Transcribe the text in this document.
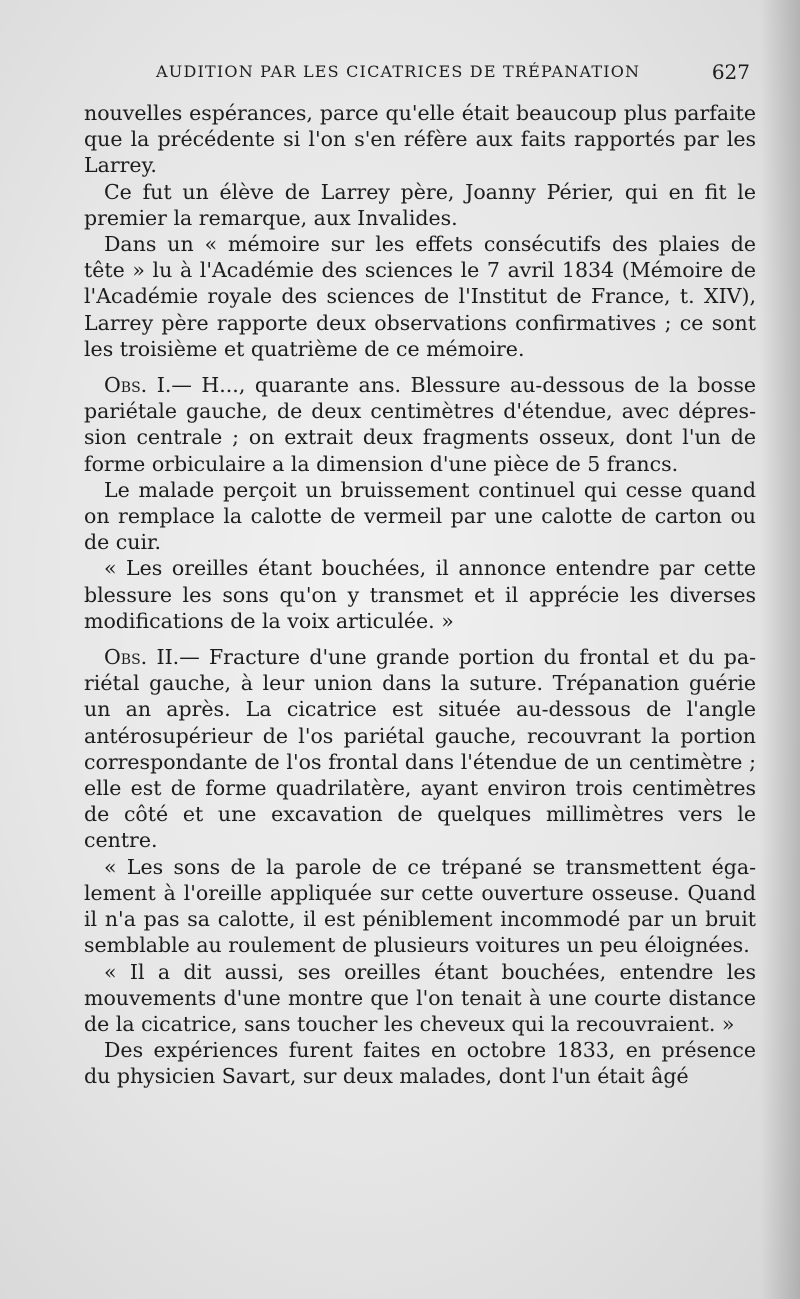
AUDITION PAR LES CICATRICES DE TRÉPANATION	627

nouvelles espérances, parce qu'elle était beaucoup plus parfaite que la précédente si l'on s'en réfère aux faits rapportés par les Larrey.

Ce fut un élève de Larrey père, Joanny Périer, qui en fit le premier la remarque, aux Invalides.

Dans un « mémoire sur les effets consécutifs des plaies de tête » lu à l'Académie des sciences le 7 avril 1834 (Mémoire de l'Académie royale des sciences de l'Institut de France, t. XIV), Larrey père rapporte deux observations confirmatives ; ce sont les troisième et quatrième de ce mémoire.

Obs. I.— H..., quarante ans. Blessure au-dessous de la bosse pariétale gauche, de deux centimètres d'étendue, avec dépression centrale ; on extrait deux fragments osseux, dont l'un de forme orbiculaire a la dimension d'une pièce de 5 francs.

Le malade perçoit un bruissement continuel qui cesse quand on remplace la calotte de vermeil par une calotte de carton ou de cuir.

« Les oreilles étant bouchées, il annonce entendre par cette blessure les sons qu'on y transmet et il apprécie les diverses modifications de la voix articulée. »

Obs. II.— Fracture d'une grande portion du frontal et du pariétal gauche, à leur union dans la suture. Trépanation guérie un an après. La cicatrice est située au-dessous de l'angle antérosupérieur de l'os pariétal gauche, recouvrant la portion correspondante de l'os frontal dans l'étendue de un centimètre ; elle est de forme quadrilatère, ayant environ trois centimètres de côté et une excavation de quelques millimètres vers le centre.

« Les sons de la parole de ce trépané se transmettent également à l'oreille appliquée sur cette ouverture osseuse. Quand il n'a pas sa calotte, il est péniblement incommodé par un bruit semblable au roulement de plusieurs voitures un peu éloignées.

« Il a dit aussi, ses oreilles étant bouchées, entendre les mouvements d'une montre que l'on tenait à une courte distance de la cicatrice, sans toucher les cheveux qui la recouvraient. »

Des expériences furent faites en octobre 1833, en présence du physicien Savart, sur deux malades, dont l'un était âgé
